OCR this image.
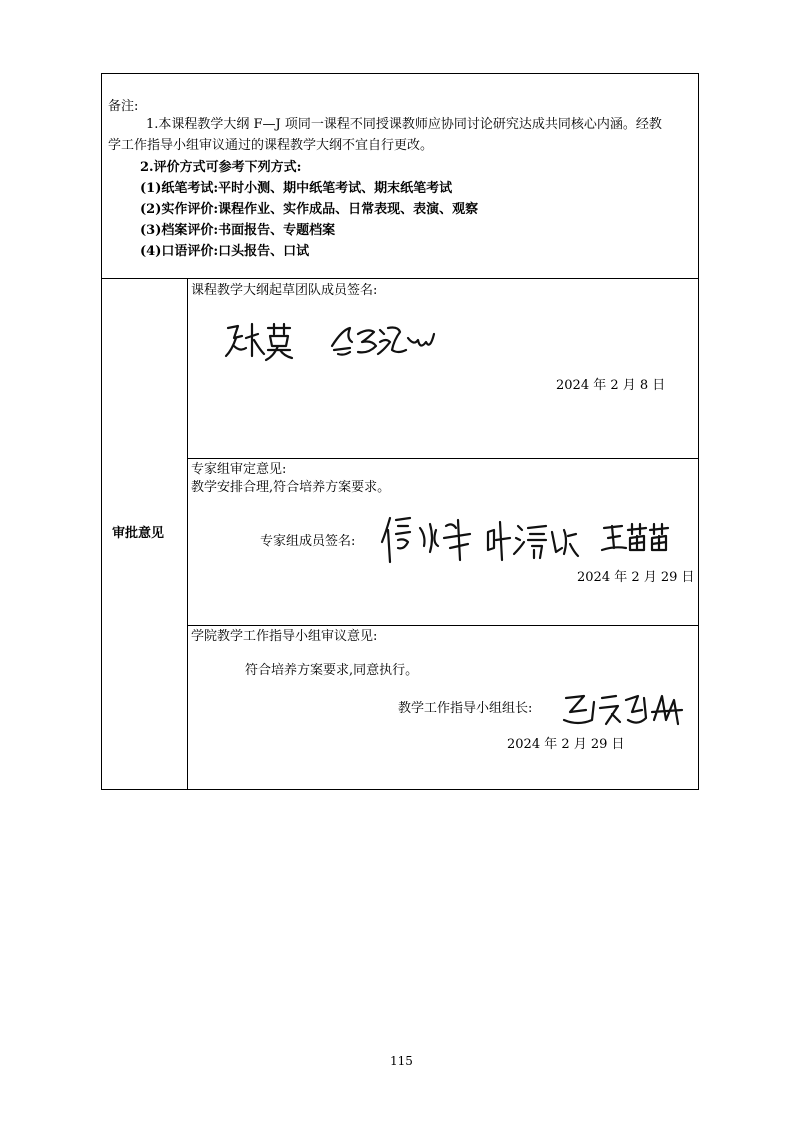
备注:
1.本课程教学大纲 F—J 项同一课程不同授课教师应协同讨论研究达成共同核心内涵。经教
学工作指导小组审议通过的课程教学大纲不宜自行更改。
2.评价方式可参考下列方式:
(1)纸笔考试:平时小测、期中纸笔考试、期末纸笔考试
(2)实作评价:课程作业、实作成品、日常表现、表演、观察
(3)档案评价:书面报告、专题档案
(4)口语评价:口头报告、口试
审批意见
课程教学大纲起草团队成员签名:
2024 年 2 月 8 日
专家组审定意见:
教学安排合理,符合培养方案要求。
专家组成员签名:
2024 年 2 月 29 日
学院教学工作指导小组审议意见:
符合培养方案要求,同意执行。
教学工作指导小组组长:
2024 年 2 月 29 日
115
